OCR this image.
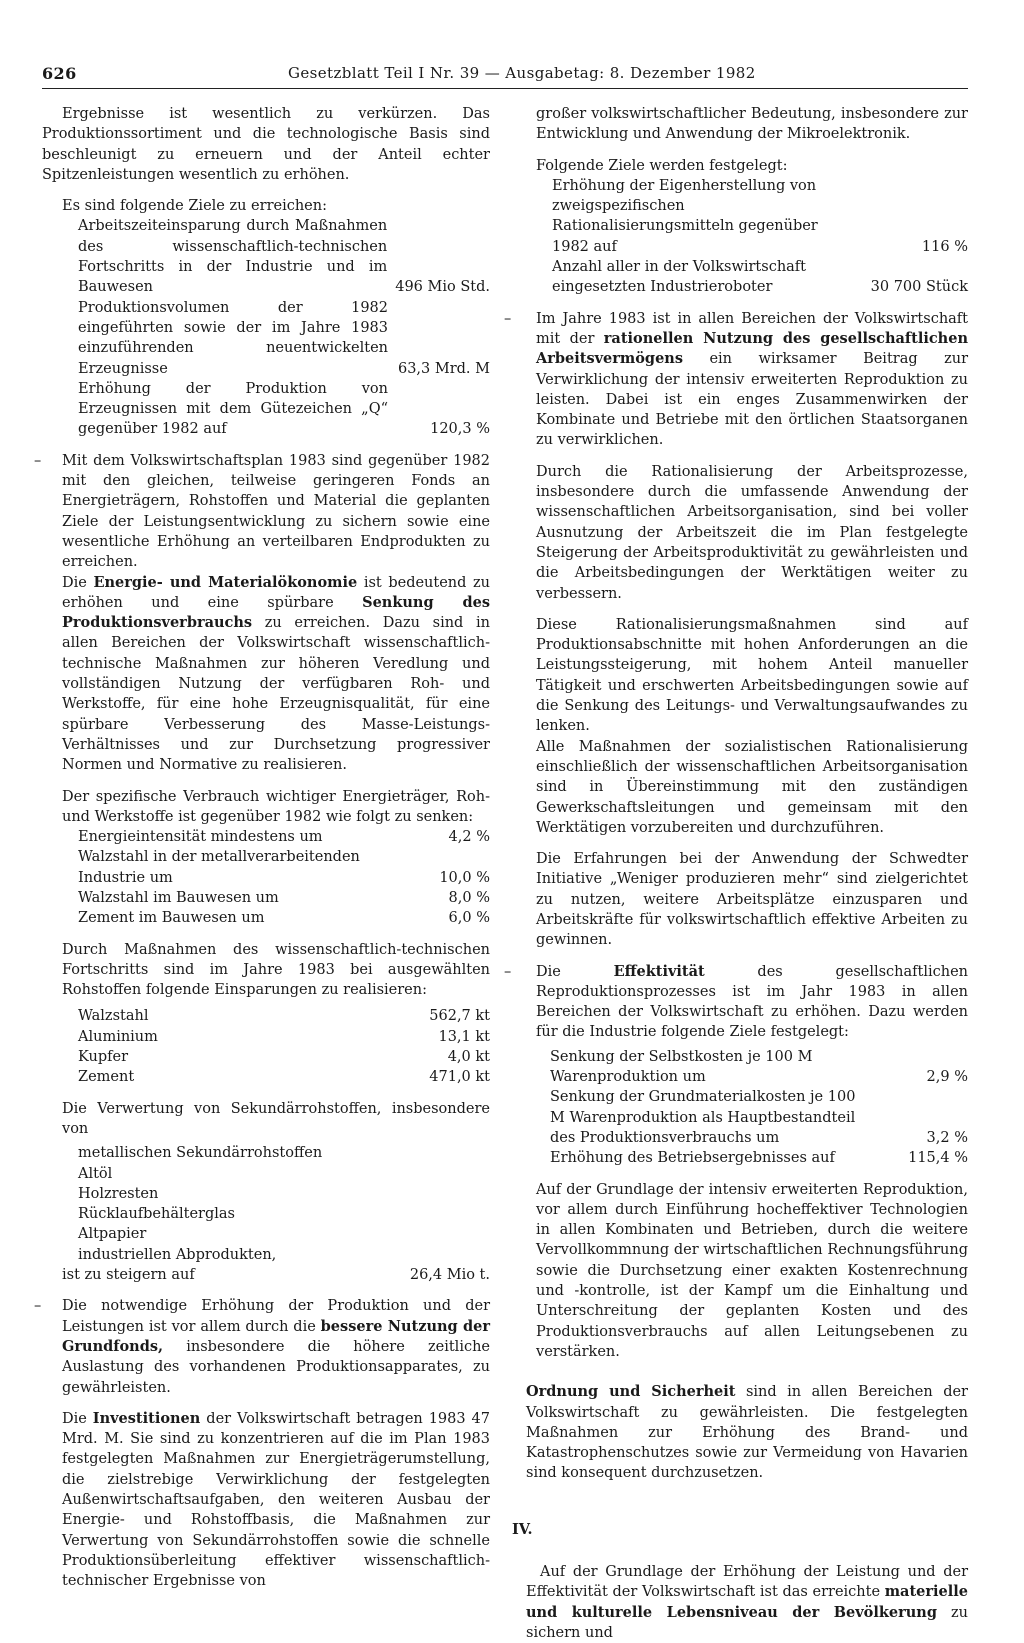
626	Gesetzblatt Teil I Nr. 39 — Ausgabetag: 8. Dezember 1982

Ergebnisse ist wesentlich zu verkürzen. Das Produktionssortiment und die technologische Basis sind beschleunigt zu erneuern und der Anteil echter Spitzenleistungen wesentlich zu erhöhen.

Es sind folgende Ziele zu erreichen:

Arbeitszeiteinsparung durch Maßnahmen des wissenschaftlich-technischen Fortschritts in der Industrie und im Bauwesen	496 Mio Std.
Produktionsvolumen der 1982 eingeführten sowie der im Jahre 1983 einzuführenden neuentwickelten Erzeugnisse	63,3 Mrd. M
Erhöhung der Produktion von Erzeugnissen mit dem Gütezeichen „Q“ gegenüber 1982 auf	120,3 %

– Mit dem Volkswirtschaftsplan 1983 sind gegenüber 1982 mit den gleichen, teilweise geringeren Fonds an Energieträgern, Rohstoffen und Material die geplanten Ziele der Leistungsentwicklung zu sichern sowie eine wesentliche Erhöhung an verteilbaren Endprodukten zu erreichen.

Die Energie- und Materialökonomie ist bedeutend zu erhöhen und eine spürbare Senkung des Produktionsverbrauchs zu erreichen. Dazu sind in allen Bereichen der Volkswirtschaft wissenschaftlich-technische Maßnahmen zur höheren Veredlung und vollständigen Nutzung der verfügbaren Roh- und Werkstoffe, für eine hohe Erzeugnisqualität, für eine spürbare Verbesserung des Masse-Leistungs-Verhältnisses und zur Durchsetzung progressiver Normen und Normative zu realisieren.

Der spezifische Verbrauch wichtiger Energieträger, Roh- und Werkstoffe ist gegenüber 1982 wie folgt zu senken:

Energieintensität mindestens um	4,2 %
Walzstahl in der metallverarbeitenden Industrie um	10,0 %
Walzstahl im Bauwesen um	8,0 %
Zement im Bauwesen um	6,0 %

Durch Maßnahmen des wissenschaftlich-technischen Fortschritts sind im Jahre 1983 bei ausgewählten Rohstoffen folgende Einsparungen zu realisieren:

Walzstahl	562,7 kt
Aluminium	13,1 kt
Kupfer	4,0 kt
Zement	471,0 kt

Die Verwertung von Sekundärrohstoffen, insbesondere von

metallischen Sekundärrohstoffen
Altöl
Holzresten
Rücklaufbehälterglas
Altpapier
industriellen Abprodukten,
ist zu steigern auf	26,4 Mio t.

– Die notwendige Erhöhung der Produktion und der Leistungen ist vor allem durch die bessere Nutzung der Grundfonds, insbesondere die höhere zeitliche Auslastung des vorhandenen Produktionsapparates, zu gewährleisten.

Die Investitionen der Volkswirtschaft betragen 1983 47 Mrd. M. Sie sind zu konzentrieren auf die im Plan 1983 festgelegten Maßnahmen zur Energieträgerumstellung, die zielstrebige Verwirklichung der festgelegten Außenwirtschaftsaufgaben, den weiteren Ausbau der Energie- und Rohstoffbasis, die Maßnahmen zur Verwertung von Sekundärrohstoffen sowie die schnelle Produktionsüberleitung effektiver wissenschaftlich-technischer Ergebnisse von

großer volkswirtschaftlicher Bedeutung, insbesondere zur Entwicklung und Anwendung der Mikroelektronik.

Folgende Ziele werden festgelegt:

Erhöhung der Eigenherstellung von zweigspezifischen Rationalisierungsmitteln gegenüber 1982 auf	116 %
Anzahl aller in der Volkswirtschaft eingesetzten Industrieroboter	30 700 Stück

– Im Jahre 1983 ist in allen Bereichen der Volkswirtschaft mit der rationellen Nutzung des gesellschaftlichen Arbeitsvermögens ein wirksamer Beitrag zur Verwirklichung der intensiv erweiterten Reproduktion zu leisten. Dabei ist ein enges Zusammenwirken der Kombinate und Betriebe mit den örtlichen Staatsorganen zu verwirklichen.

Durch die Rationalisierung der Arbeitsprozesse, insbesondere durch die umfassende Anwendung der wissenschaftlichen Arbeitsorganisation, sind bei voller Ausnutzung der Arbeitszeit die im Plan festgelegte Steigerung der Arbeitsproduktivität zu gewährleisten und die Arbeitsbedingungen der Werktätigen weiter zu verbessern.

Diese Rationalisierungsmaßnahmen sind auf Produktionsabschnitte mit hohen Anforderungen an die Leistungssteigerung, mit hohem Anteil manueller Tätigkeit und erschwerten Arbeitsbedingungen sowie auf die Senkung des Leitungs- und Verwaltungsaufwandes zu lenken.

Alle Maßnahmen der sozialistischen Rationalisierung einschließlich der wissenschaftlichen Arbeitsorganisation sind in Übereinstimmung mit den zuständigen Gewerkschaftsleitungen und gemeinsam mit den Werktätigen vorzubereiten und durchzuführen.

Die Erfahrungen bei der Anwendung der Schwedter Initiative „Weniger produzieren mehr“ sind zielgerichtet zu nutzen, weitere Arbeitsplätze einzusparen und Arbeitskräfte für volkswirtschaftlich effektive Arbeiten zu gewinnen.

– Die Effektivität des gesellschaftlichen Reproduktionsprozesses ist im Jahr 1983 in allen Bereichen der Volkswirtschaft zu erhöhen. Dazu werden für die Industrie folgende Ziele festgelegt:

Senkung der Selbstkosten je 100 M Warenproduktion um	2,9 %
Senkung der Grundmaterialkosten je 100 M Warenproduktion als Hauptbestandteil des Produktionsverbrauchs um	3,2 %
Erhöhung des Betriebsergebnisses auf	115,4 %

Auf der Grundlage der intensiv erweiterten Reproduktion, vor allem durch Einführung hocheffektiver Technologien in allen Kombinaten und Betrieben, durch die weitere Vervollkommnung der wirtschaftlichen Rechnungsführung sowie die Durchsetzung einer exakten Kostenrechnung und -kontrolle, ist der Kampf um die Einhaltung und Unterschreitung der geplanten Kosten und des Produktionsverbrauchs auf allen Leitungsebenen zu verstärken.

Ordnung und Sicherheit sind in allen Bereichen der Volkswirtschaft zu gewährleisten. Die festgelegten Maßnahmen zur Erhöhung des Brand- und Katastrophenschutzes sowie zur Vermeidung von Havarien sind konsequent durchzusetzen.

IV.

Auf der Grundlage der Erhöhung der Leistung und der Effektivität der Volkswirtschaft ist das erreichte materielle und kulturelle Lebensniveau der Bevölkerung zu sichern und
